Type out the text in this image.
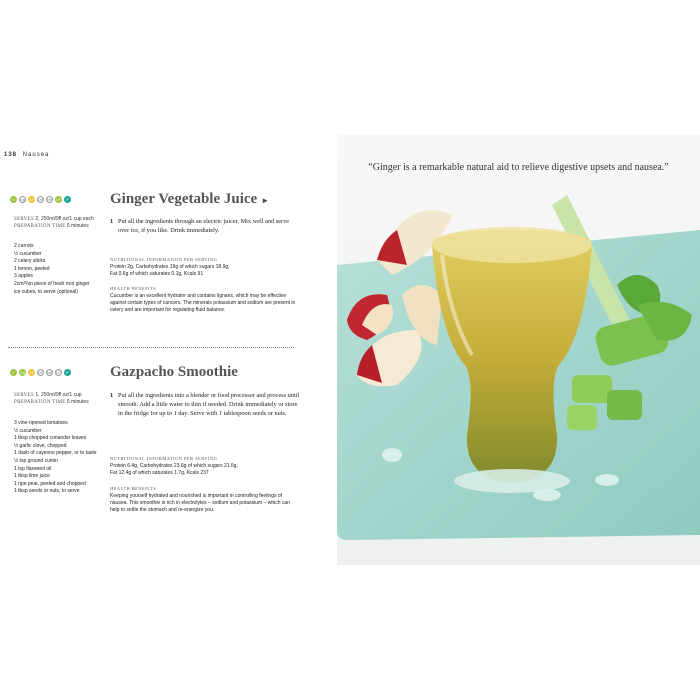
138 Nausea
V	Vg GF DF NF LF	P	Ginger Vegetable Juice ►
SERVES 2, 250ml/9fl oz/1 cup each
PREPARATION TIME 5 minutes
2 carrots
½ cucumber
2 celery sticks
1 lemon, peeled
3 apples
2cm/¾in piece of fresh root ginger
ice cubes, to serve (optional)
1 Put all the ingredients through an electric juicer. Mix well and serve over ice, if you like. Drink immediately.
NUTRITIONAL INFORMATION PER SERVING
Protein 2g, Carbohydrates 19g of which sugars 18.9g,
Fat 0.6g of which saturates 0.1g, Kcals 91
HEALTH BENEFITS
Cucumber is an excellent hydrator and contains lignans, which may be effective against certain types of cancers. The minerals potassium and sodium are present in celery and are important for regulating fluid balance.
V	Vg GF DF NF LF	P	Gazpacho Smoothie
SERVES 1, 250ml/9fl oz/1 cup
PREPARATION TIME 5 minutes
3 vine-ripened tomatoes
½ cucumber
1 tbsp chopped coriander leaves
½ garlic clove, chopped
1 dash of cayenne pepper, or to taste
½ tsp ground cumin
1 tsp flaxseed oil
1 tbsp lime juice
1 ripe pear, peeled and chopped
1 tbsp seeds or nuts, to serve
1 Put all the ingredients into a blender or food processor and process until smooth. Add a little water to thin if needed. Drink immediately or store in the fridge for up to 1 day. Serve with 1 tablespoon seeds or nuts.
NUTRITIONAL INFORMATION PER SERVING
Protein 6.4g, Carbohydrates 23.6g of which sugars 21.6g,
Fat 12.4g of which saturates 1.7g, Kcals 237
HEALTH BENEFITS
Keeping yourself hydrated and nourished is important in controlling feelings of nausea. This smoothie is rich in electrolytes – sodium and potassium – which can help to settle the stomach and re-energize you.
“Ginger is a remarkable natural aid to relieve digestive upsets and nausea.”
